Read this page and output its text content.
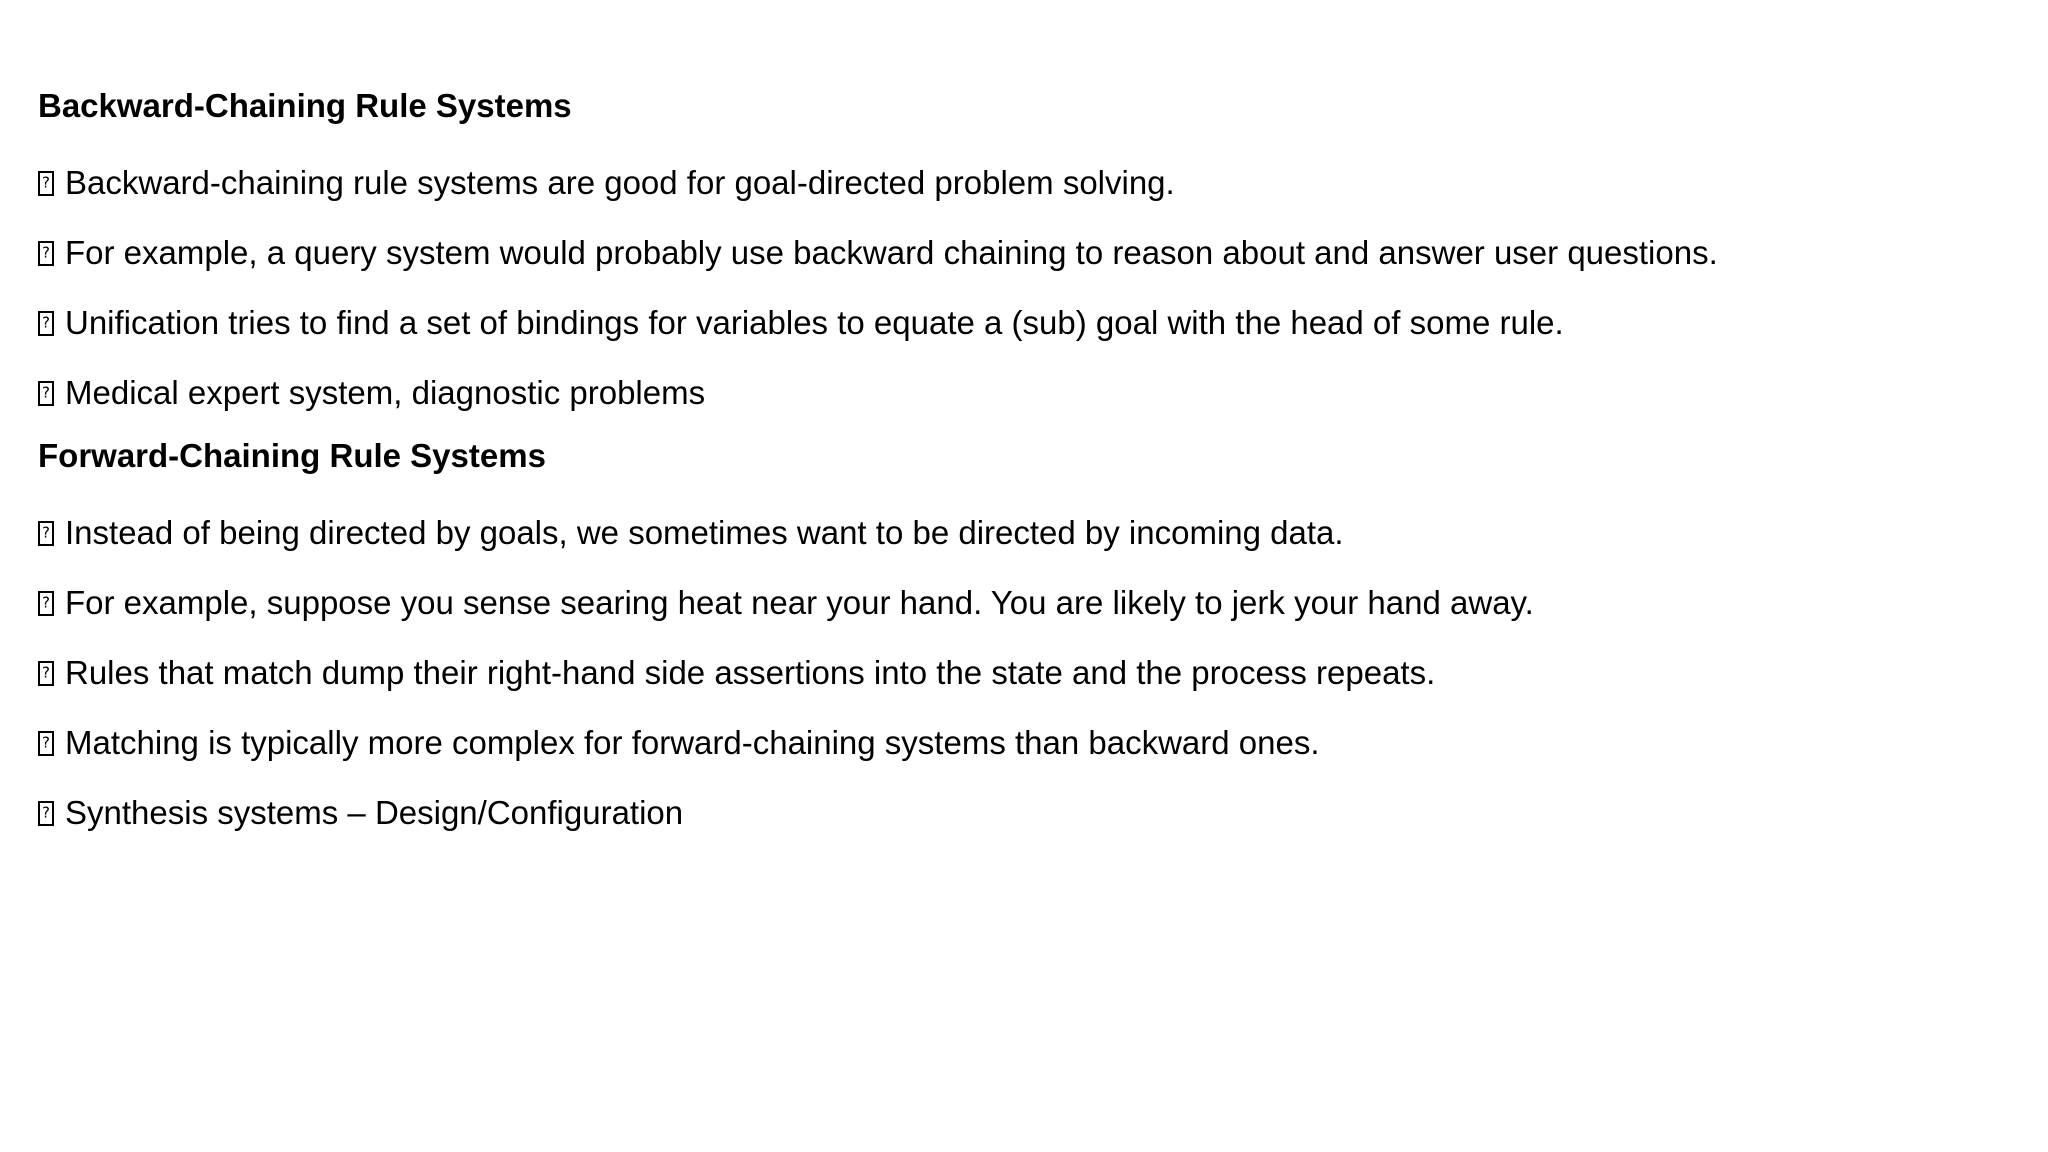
Backward-Chaining Rule Systems
?
Backward-chaining rule systems are good for goal-directed problem solving.
?
For example, a query system would probably use backward chaining to reason about and answer user questions.
?
Unification tries to find a set of bindings for variables to equate a (sub) goal with the head of some rule.
?
Medical expert system, diagnostic problems
Forward-Chaining Rule Systems
?
Instead of being directed by goals, we sometimes want to be directed by incoming data.
?
For example, suppose you sense searing heat near your hand. You are likely to jerk your hand away.
?
Rules that match dump their right-hand side assertions into the state and the process repeats.
?
Matching is typically more complex for forward-chaining systems than backward ones.
?
Synthesis systems – Design/Configuration
